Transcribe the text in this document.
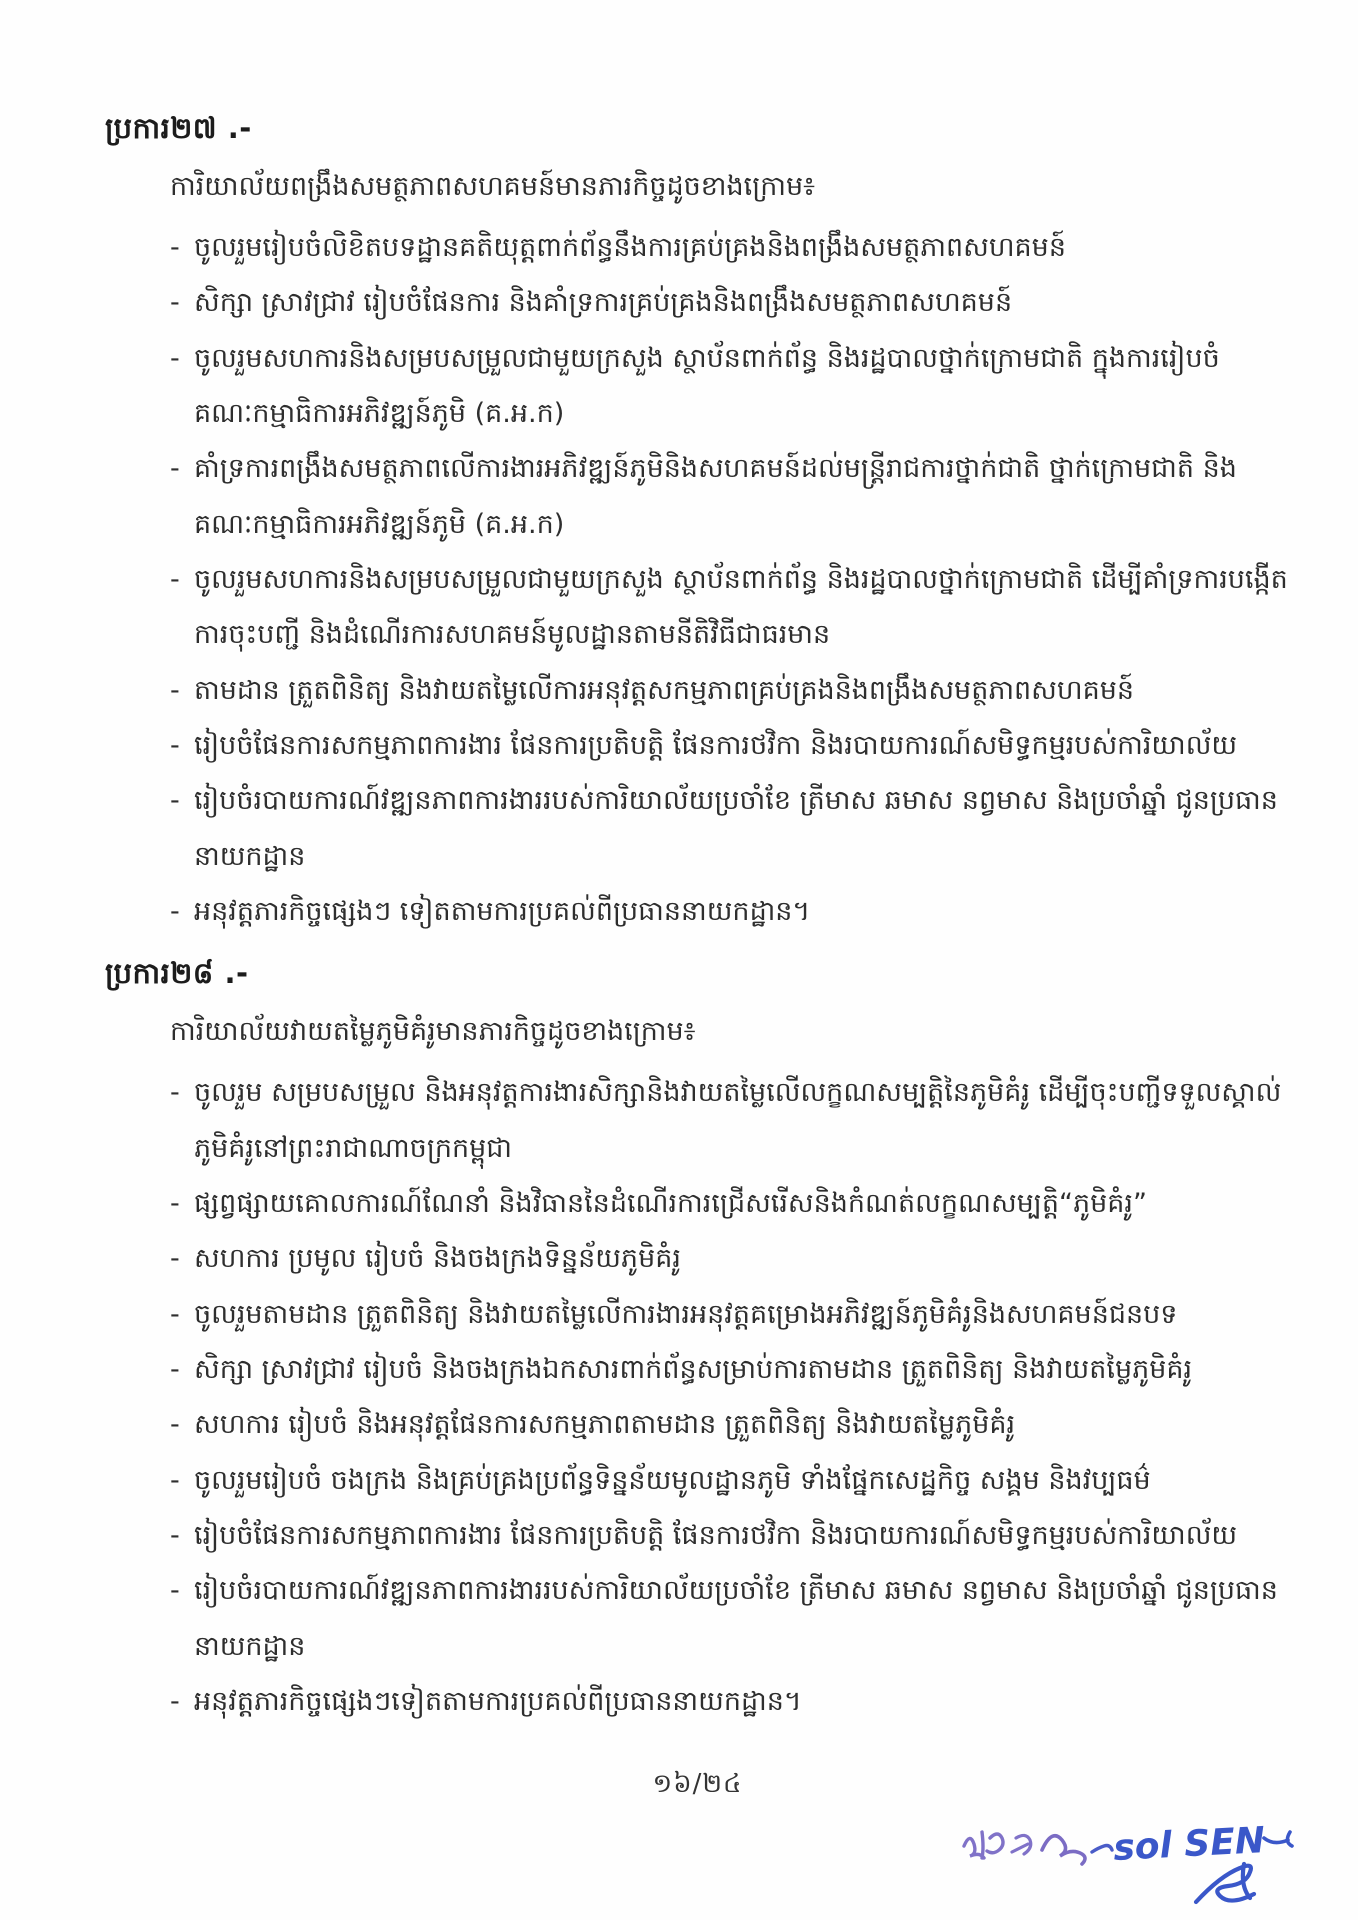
ប្រការ២៧ .-

ការិយាល័យពង្រឹងសមត្ថភាពសហគមន៍មានភារកិច្ចដូចខាងក្រោម៖

- ចូលរួមរៀបចំលិខិតបទដ្ឋានគតិយុត្តពាក់ព័ន្ធនឹងការគ្រប់គ្រងនិងពង្រឹងសមត្ថភាពសហគមន៍
- សិក្សា ស្រាវជ្រាវ រៀបចំផែនការ និងគាំទ្រការគ្រប់គ្រងនិងពង្រឹងសមត្ថភាពសហគមន៍
- ចូលរួមសហការនិងសម្របសម្រួលជាមួយក្រសួង ស្ថាប័នពាក់ព័ន្ធ និងរដ្ឋបាលថ្នាក់ក្រោមជាតិ ក្នុងការរៀបចំគណៈកម្មាធិការអភិវឌ្ឍន៍ភូមិ (គ.អ.ក)
- គាំទ្រការពង្រឹងសមត្ថភាពលើការងារអភិវឌ្ឍន៍ភូមិនិងសហគមន៍ដល់មន្ត្រីរាជការថ្នាក់ជាតិ ថ្នាក់ក្រោមជាតិ និងគណៈកម្មាធិការអភិវឌ្ឍន៍ភូមិ (គ.អ.ក)
- ចូលរួមសហការនិងសម្របសម្រួលជាមួយក្រសួង ស្ថាប័នពាក់ព័ន្ធ និងរដ្ឋបាលថ្នាក់ក្រោមជាតិ ដើម្បីគាំទ្រការបង្កើត ការចុះបញ្ជី និងដំណើរការសហគមន៍មូលដ្ឋានតាមនីតិវិធីជាធរមាន
- តាមដាន ត្រួតពិនិត្យ និងវាយតម្លៃលើការអនុវត្តសកម្មភាពគ្រប់គ្រងនិងពង្រឹងសមត្ថភាពសហគមន៍
- រៀបចំផែនការសកម្មភាពការងារ ផែនការប្រតិបត្តិ ផែនការថវិកា និងរបាយការណ៍សមិទ្ធកម្មរបស់ការិយាល័យ
- រៀបចំរបាយការណ៍វឌ្ឍនភាពការងាររបស់ការិយាល័យប្រចាំខែ ត្រីមាស ឆមាស នព្វមាស និងប្រចាំឆ្នាំ ជូនប្រធាននាយកដ្ឋាន
- អនុវត្តភារកិច្ចផ្សេងៗ ទៀតតាមការប្រគល់ពីប្រធាននាយកដ្ឋាន។
ប្រការ២៨ .-

ការិយាល័យវាយតម្លៃភូមិគំរូមានភារកិច្ចដូចខាងក្រោម៖

- ចូលរួម សម្របសម្រួល និងអនុវត្តការងារសិក្សានិងវាយតម្លៃលើលក្ខណសម្បត្តិនៃភូមិគំរូ ដើម្បីចុះបញ្ជីទទួលស្គាល់ភូមិគំរូនៅព្រះរាជាណាចក្រកម្ពុជា
- ផ្សព្វផ្សាយគោលការណ៍ណែនាំ និងវិធាននៃដំណើរការជ្រើសរើសនិងកំណត់លក្ខណសម្បត្តិ“ភូមិគំរូ”
- សហការ ប្រមូល រៀបចំ និងចងក្រងទិន្នន័យភូមិគំរូ
- ចូលរួមតាមដាន ត្រួតពិនិត្យ និងវាយតម្លៃលើការងារអនុវត្តគម្រោងអភិវឌ្ឍន៍ភូមិគំរូនិងសហគមន៍ជនបទ
- សិក្សា ស្រាវជ្រាវ រៀបចំ និងចងក្រងឯកសារពាក់ព័ន្ធសម្រាប់ការតាមដាន ត្រួតពិនិត្យ និងវាយតម្លៃភូមិគំរូ
- សហការ រៀបចំ និងអនុវត្តផែនការសកម្មភាពតាមដាន ត្រួតពិនិត្យ និងវាយតម្លៃភូមិគំរូ
- ចូលរួមរៀបចំ ចងក្រង និងគ្រប់គ្រងប្រព័ន្ធទិន្នន័យមូលដ្ឋានភូមិ ទាំងផ្នែកសេដ្ឋកិច្ច សង្គម និងវប្បធម៌
- រៀបចំផែនការសកម្មភាពការងារ ផែនការប្រតិបត្តិ ផែនការថវិកា និងរបាយការណ៍សមិទ្ធកម្មរបស់ការិយាល័យ
- រៀបចំរបាយការណ៍វឌ្ឍនភាពការងាររបស់ការិយាល័យប្រចាំខែ ត្រីមាស ឆមាស នព្វមាស និងប្រចាំឆ្នាំ ជូនប្រធាននាយកដ្ឋាន
- អនុវត្តភារកិច្ចផ្សេងៗទៀតតាមការប្រគល់ពីប្រធាននាយកដ្ឋាន។
១៦/២៤
sol SEN
